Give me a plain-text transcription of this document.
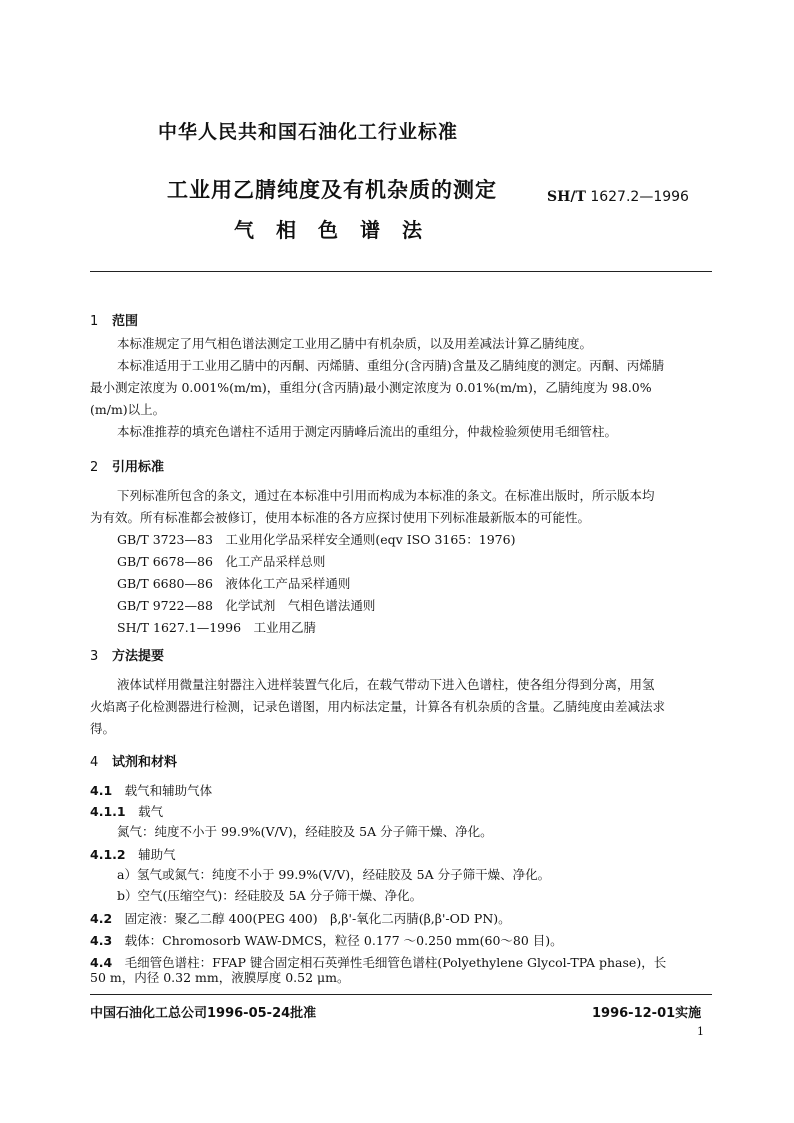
中华人民共和国石油化工行业标准
工业用乙腈纯度及有机杂质的测定
气相色谱法
SH/T 1627.2—1996
1 范围
本标准规定了用气相色谱法测定工业用乙腈中有机杂质，以及用差减法计算乙腈纯度。
本标准适用于工业用乙腈中的丙酮、丙烯腈、重组分(含丙腈)含量及乙腈纯度的测定。丙酮、丙烯腈
最小测定浓度为 0.001%(m/m)，重组分(含丙腈)最小测定浓度为 0.01%(m/m)，乙腈纯度为 98.0%
(m/m)以上。
本标准推荐的填充色谱柱不适用于测定丙腈峰后流出的重组分，仲裁检验须使用毛细管柱。
2 引用标准
下列标准所包含的条文，通过在本标准中引用而构成为本标准的条文。在标准出版时，所示版本均
为有效。所有标准都会被修订，使用本标准的各方应探讨使用下列标准最新版本的可能性。
GB/T 3723—83　工业用化学品采样安全通则(eqv ISO 3165：1976)
GB/T 6678—86　化工产品采样总则
GB/T 6680—86　液体化工产品采样通则
GB/T 9722—88　化学试剂　气相色谱法通则
SH/T 1627.1—1996　工业用乙腈
3 方法提要
液体试样用微量注射器注入进样装置气化后，在载气带动下进入色谱柱，使各组分得到分离，用氢
火焰离子化检测器进行检测，记录色谱图，用内标法定量，计算各有机杂质的含量。乙腈纯度由差减法求
得。
4 试剂和材料
4.1　 载气和辅助气体
4.1.1　 载气
氮气：纯度不小于 99.9%(V/V)，经硅胶及 5A 分子筛干燥、净化。
4.1.2　 辅助气
a）氢气或氮气：纯度不小于 99.9%(V/V)，经硅胶及 5A 分子筛干燥、净化。
b）空气(压缩空气)：经硅胶及 5A 分子筛干燥、净化。
4.2　 固定液：聚乙二醇 400(PEG 400)　β,β'-氧化二丙腈(β,β'-OD PN)。
4.3　 载体：Chromosorb WAW-DMCS，粒径 0.177 ～0.250 mm(60～80 目)。
4.4　 毛细管色谱柱：FFAP 键合固定相石英弹性毛细管色谱柱(Polyethylene Glycol-TPA phase)，长
50 m，内径 0.32 mm，液膜厚度 0.52 μm。
中国石油化工总公司1996-05-24批准	1996-12-01实施
1
